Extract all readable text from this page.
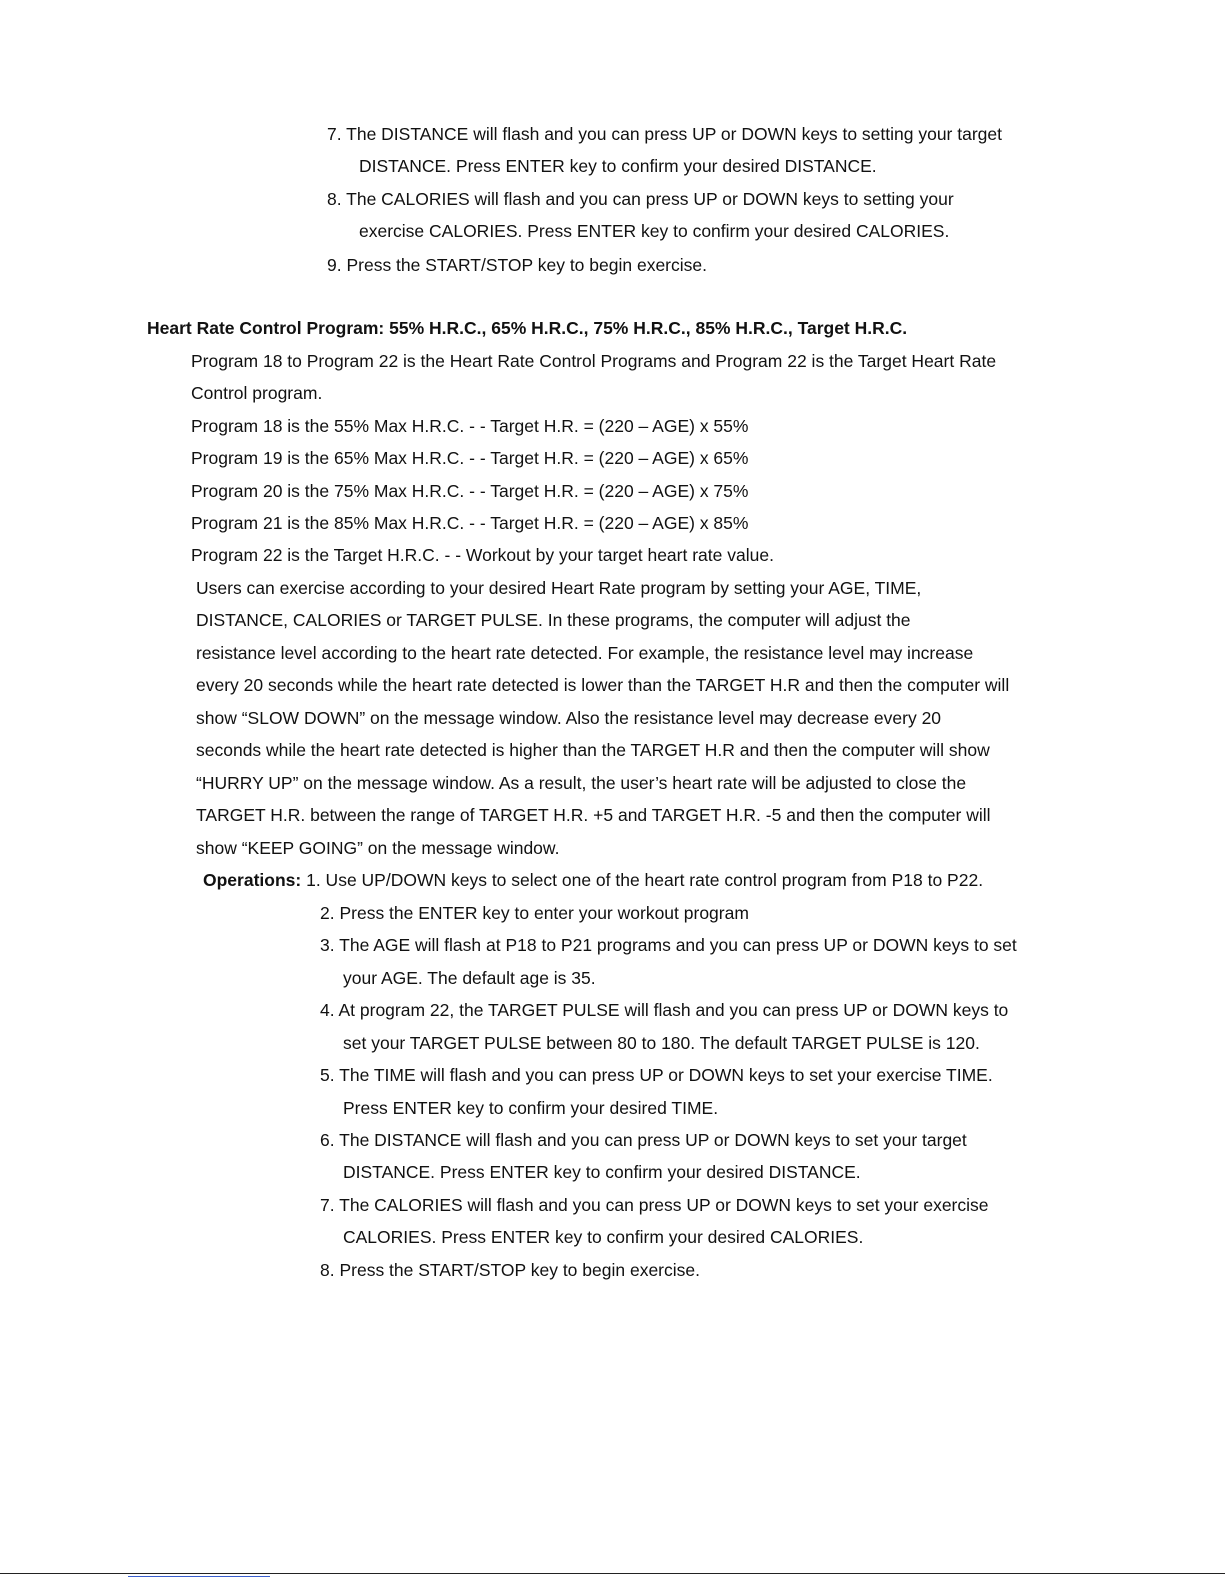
7. The DISTANCE will flash and you can press UP or DOWN keys to setting your target
DISTANCE. Press ENTER key to confirm your desired DISTANCE.
8. The CALORIES will flash and you can press UP or DOWN keys to setting your
exercise CALORIES. Press ENTER key to confirm your desired CALORIES.
9. Press the START/STOP key to begin exercise.
Heart Rate Control Program: 55% H.R.C., 65% H.R.C., 75% H.R.C., 85% H.R.C., Target H.R.C.
Program 18 to Program 22 is the Heart Rate Control Programs and Program 22 is the Target Heart Rate
Control program.
Program 18 is the 55% Max H.R.C. - - Target H.R. = (220 – AGE) x 55%
Program 19 is the 65% Max H.R.C. - - Target H.R. = (220 – AGE) x 65%
Program 20 is the 75% Max H.R.C. - - Target H.R. = (220 – AGE) x 75%
Program 21 is the 85% Max H.R.C. - - Target H.R. = (220 – AGE) x 85%
Program 22 is the Target H.R.C. - - Workout by your target heart rate value.
Users can exercise according to your desired Heart Rate program by setting your AGE, TIME,
DISTANCE, CALORIES or TARGET PULSE. In these programs, the computer will adjust the
resistance level according to the heart rate detected. For example, the resistance level may increase
every 20 seconds while the heart rate detected is lower than the TARGET H.R and then the computer will
show “SLOW DOWN” on the message window. Also the resistance level may decrease every 20
seconds while the heart rate detected is higher than the TARGET H.R and then the computer will show
“HURRY UP” on the message window. As a result, the user’s heart rate will be adjusted to close the
TARGET H.R. between the range of TARGET H.R. +5 and TARGET H.R. -5 and then the computer will
show “KEEP GOING” on the message window.
Operations: 1. Use UP/DOWN keys to select one of the heart rate control program from P18 to P22.
2. Press the ENTER key to enter your workout program
3. The AGE will flash at P18 to P21 programs and you can press UP or DOWN keys to set
your AGE. The default age is 35.
4. At program 22, the TARGET PULSE will flash and you can press UP or DOWN keys to
set your TARGET PULSE between 80 to 180. The default TARGET PULSE is 120.
5. The TIME will flash and you can press UP or DOWN keys to set your exercise TIME.
Press ENTER key to confirm your desired TIME.
6. The DISTANCE will flash and you can press UP or DOWN keys to set your target
DISTANCE. Press ENTER key to confirm your desired DISTANCE.
7. The CALORIES will flash and you can press UP or DOWN keys to set your exercise
CALORIES. Press ENTER key to confirm your desired CALORIES.
8. Press the START/STOP key to begin exercise.
